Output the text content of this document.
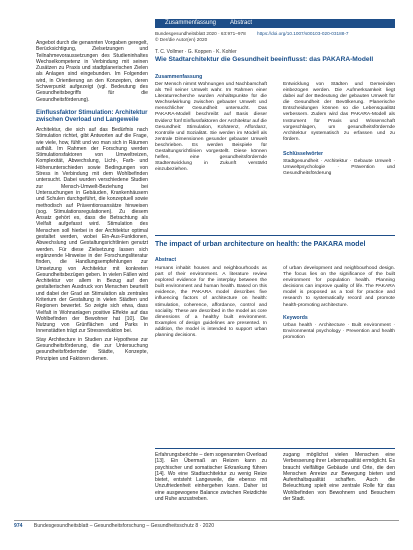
Angebot durch die genannten Vorgaben geregelt, Berücksichtigung, Zielsetzungen und Teilnahmevoraussetzungen des Studieninhaltes Wechselkompetenz in Verbindung mit seinen Zusätzen zu Praxis und stadtplanerischen Zielen als Anlagen sind eingebunden. Im Folgenden wird, in Orientierung an den Konzepten, deren Schwerpunkt aufgezeigt (vgl. Bedeutung des Gesundheitsbegriffs für die Gesundheitsförderung).

Einflussfaktor Stimulation: Architektur zwischen Overload und Langeweile

Architektur, die sich auf das Bedürfnis nach Stimulation richtet, gibt Antworten auf die Frage, wie viele, how, fühlt und wo man sich in Räumen aufhält. Im Rahmen der Forschung werden Stimulationsfaktoren von Umweltreizen, Komplexität, Abwechslung, Licht-, Farb- und Höhenunterschieden sowie Bedingungen von Stress in Verbindung mit dem Wohlbefinden untersucht. Dabei wurden verschiedene Studien zur Mensch-Umwelt-Beziehung bei Untersuchungen in Gebäuden, Krankenhäusern und Schulen durchgeführt, die konzeptuell sowie methodisch auf Präventionsansätze hinweisen (sog. Stimulationsregulationen). Zu diesem Ansatz gehört es, dass die Betrachtung als Vielfalt aufgefasst wird. Stimulation des Menschen soll hierbei in der Architektur optimal gestaltet werden, wobei Ein-Aus-Funktionen, Abwechslung und Gestaltungsrichtlinien genutzt werden. Für diese Zielsetzung lassen sich ergänzende Hinweise in der Forschungsliteratur finden, die Handlungsempfehlungen zur Umsetzung von Architektur mit konkreten Gesundheitsbezügen geben. In vielen Fällen wird Architektur vor allem in Bezug auf den gestalterischen Ausdruck von Menschen beurteilt und dabei der Grad an Stimulation als zentrales Kriterium der Gestaltung in vielen Städten und Regionen bewertet. So zeigte sich etwa, dass Vielfalt in Wohnanlagen positive Effekte auf das Wohlbefinden der Bewohner hat [10]. Die Nutzung von Grünflächen und Parks in Innenstädten trägt zur Stressreduktion bei.

Stay Architecture in Studien zur Hypothese zur Gesundheitsförderung, die zur Untersuchung gesundheitsfördernder Städte, Konzepte, Prinzipien und Faktoren dienen.

Zusammenfassung Abstract
Bundesgesundheitsblatt 2020 · 63:971–978 https://doi.org/10.1007/s00103-020-03188-7
© Der/die Autor(en) 2020
T. C. Vollmer · G. Koppen · K. Kohler
Wie Stadtarchitektur die Gesundheit beeinflusst: das PAKARA-Modell
Zusammenfassung

Der Mensch nimmt Wohnungen und Nachbarschaft als Teil seiner Umwelt wahr. Im Rahmen einer Literaturrecherche wurden Anhaltspunkte für die Wechselwirkung zwischen gebauter Umwelt und menschlicher Gesundheit untersucht. Das PAKARA-Modell beschreibt auf Basis dieser Evidenz fünf Einflussfaktoren der Architektur auf die Gesundheit: Stimulation, Kohärenz, Affordanz, Kontrolle und Sozialität. Sie werden im Modell als zentrale Dimensionen gesunder gebauter Umwelt beschrieben. Es werden Beispiele für Gestaltungsrichtlinien vorgestellt. Diese können helfen, eine gesundheitsfördernde Stadtentwicklung in Zukunft verstärkt einzubeziehen.

Entwicklung von Städten und Gemeinden einbezogen werden. Die Aufmerksamkeit liegt dabei auf der Bedeutung der gebauten Umwelt für die Gesundheit der Bevölkerung. Planerische Entscheidungen können so die Lebensqualität verbessern. Zudem wird das PAKARA-Modell als Instrument für Praxis und Wissenschaft vorgeschlagen, um gesundheitsfördernde Architektur systematisch zu erfassen und zu fördern.

Schlüsselwörter

Stadtgesundheit · Architektur · Gebaute Umwelt · Umweltpsychologie · Prävention und Gesundheitsförderung

The impact of urban architecture on health: the PAKARA model
Abstract

Humans inhabit houses and neighbourhoods as part of their environment. A literature review explored evidence for the interplay between the built environment and human health. Based on this evidence, the PAKARA model describes five influencing factors of architecture on health: stimulation, coherence, affordance, control and sociality. These are described in the model as core dimensions of a healthy built environment. Examples of design guidelines are presented. In addition, the model is intended to support urban planning decisions.

of urban development and neighbourhood design. The focus lies on the significance of the built environment for population health. Planning decisions can improve quality of life. The PAKARA model is proposed as a tool for practice and research to systematically record and promote health-promoting architecture.

Keywords

Urban health · Architecture · Built environment · Environmental psychology · Prevention and health promotion

Erfahrungsberichte – dem sogenannten Overload [13]. Ein Übermaß an Reizen kann zu psychischer und somatischer Erkrankung führen [14]. Wo eine Stadtarchitektur zu wenig Reize bietet, entsteht Langeweile, die ebenso mit Unzufriedenheit einhergehen kann. Daher ist eine ausgewogene Balance zwischen Reizdichte und Ruhe anzustreben.

zugang möglichst vielen Menschen eine Verbesserung ihrer Lebensqualität ermöglicht. Es braucht vielfältige Gebäude und Orte, die den Menschen Anreize zur Bewegung bieten und Aufenthaltsqualität schaffen. Auch die Beleuchtung spielt eine zentrale Rolle für das Wohlbefinden von Bewohnern und Besuchern der Stadt.

974 Bundesgesundheitsblatt – Gesundheitsforschung – Gesundheitsschutz 8 · 2020
